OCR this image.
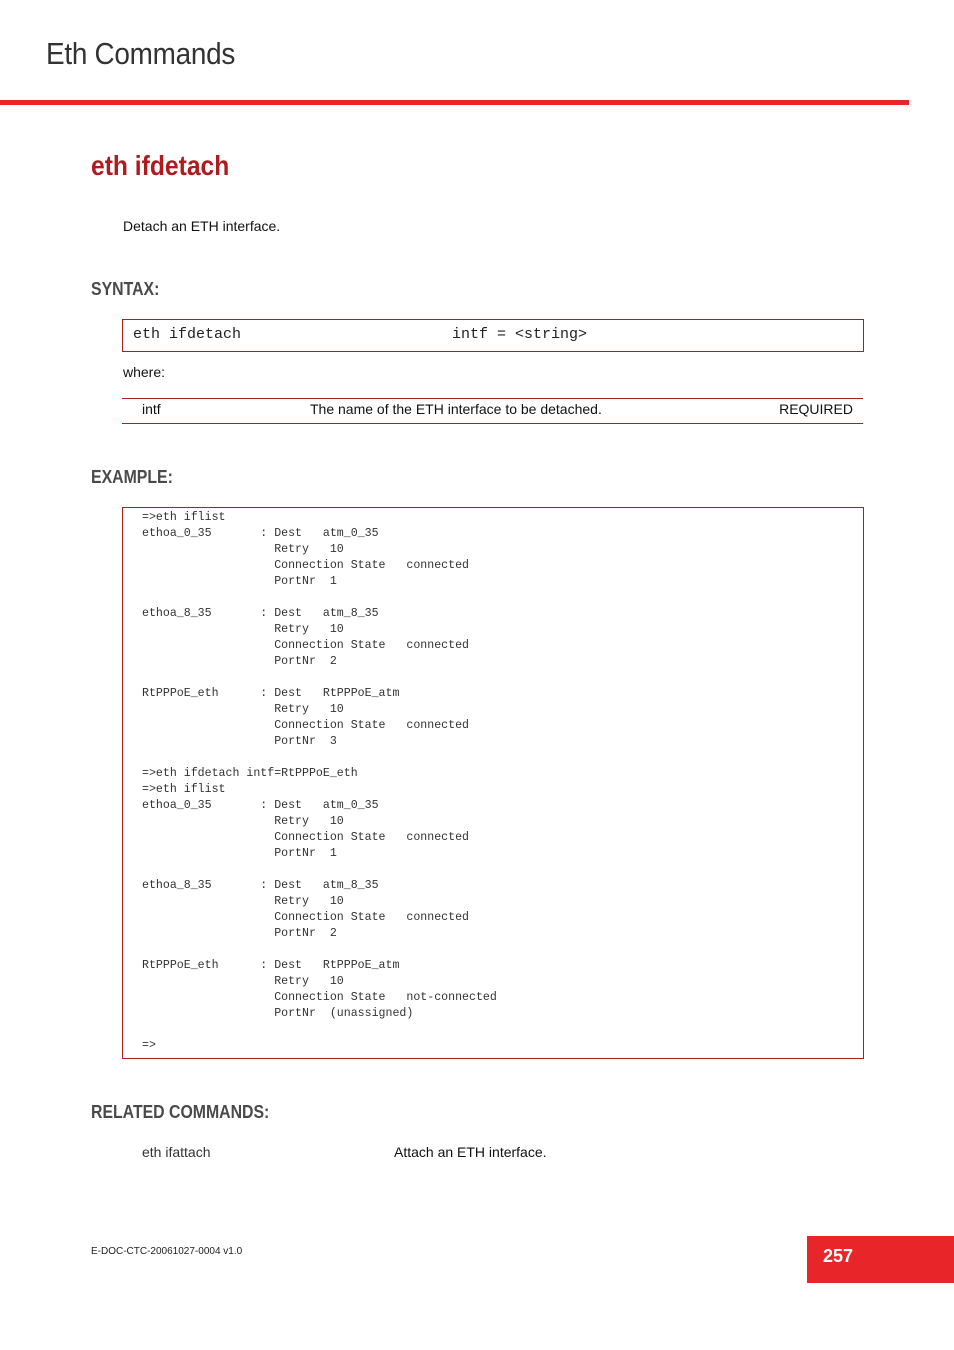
Eth Commands
eth ifdetach
Detach an ETH interface.
SYNTAX:
eth ifdetach	intf = <string>
where:
intf	The name of the ETH interface to be detached.	REQUIRED
EXAMPLE:
=>eth iflist
ethoa_0_35       : Dest   atm_0_35
Retry   10
Connection State   connected
PortNr  1

ethoa_8_35       : Dest   atm_8_35
Retry   10
Connection State   connected
PortNr  2

RtPPPoE_eth      : Dest   RtPPPoE_atm
Retry   10
Connection State   connected
PortNr  3

=>eth ifdetach intf=RtPPPoE_eth
=>eth iflist
ethoa_0_35       : Dest   atm_0_35
Retry   10
Connection State   connected
PortNr  1

ethoa_8_35       : Dest   atm_8_35
Retry   10
Connection State   connected
PortNr  2

RtPPPoE_eth      : Dest   RtPPPoE_atm
Retry   10
Connection State   not-connected
PortNr  (unassigned)

=>
RELATED COMMANDS:
eth ifattach	Attach an ETH interface.
E-DOC-CTC-20061027-0004 v1.0	257
